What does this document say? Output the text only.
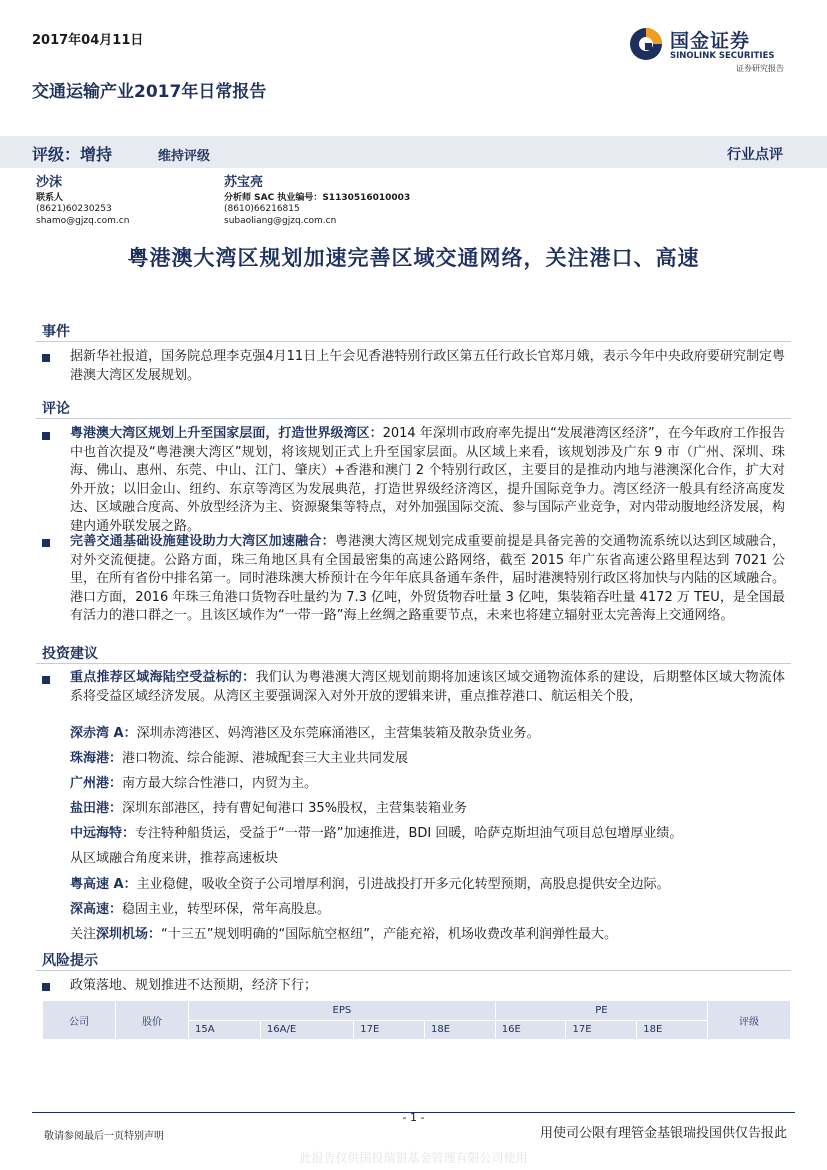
2017年04月11日
交通运输产业2017年日常报告
国金证券
SINOLINK SECURITIES
证券研究报告
评级：增持	维持评级	行业点评
沙沫
联系人
(8621)60230253
shamo@gjzq.com.cn
苏宝亮
分析师 SAC 执业编号：S1130516010003
(8610)66216815
subaoliang@gjzq.com.cn
粤港澳大湾区规划加速完善区域交通网络，关注港口、高速
事件
据新华社报道，国务院总理李克强4月11日上午会见香港特别行政区第五任行政长官郑月娥，表示今年中央政府要研究制定粤港澳大湾区发展规划。
评论
粤港澳大湾区规划上升至国家层面，打造世界级湾区：2014 年深圳市政府率先提出“发展港湾区经济”，在今年政府工作报告中也首次提及“粤港澳大湾区”规划，将该规划正式上升至国家层面。从区域上来看，该规划涉及广东 9 市（广州、深圳、珠海、佛山、惠州、东莞、中山、江门、肇庆）+香港和澳门 2 个特别行政区，主要目的是推动内地与港澳深化合作，扩大对外开放；以旧金山、纽约、东京等湾区为发展典范，打造世界级经济湾区，提升国际竞争力。湾区经济一般具有经济高度发达、区域融合度高、外放型经济为主、资源聚集等特点，对外加强国际交流、参与国际产业竞争，对内带动腹地经济发展，构建内通外联发展之路。
完善交通基础设施建设助力大湾区加速融合：粤港澳大湾区规划完成重要前提是具备完善的交通物流系统以达到区域融合，对外交流便捷。公路方面，珠三角地区具有全国最密集的高速公路网络，截至 2015 年广东省高速公路里程达到 7021 公里，在所有省份中排名第一。同时港珠澳大桥预计在今年年底具备通车条件，届时港澳特别行政区将加快与内陆的区域融合。港口方面，2016 年珠三角港口货物吞吐量约为 7.3 亿吨，外贸货物吞吐量 3 亿吨，集装箱吞吐量 4172 万 TEU，是全国最有活力的港口群之一。且该区域作为“一带一路”海上丝绸之路重要节点，未来也将建立辐射亚太完善海上交通网络。
投资建议
重点推荐区域海陆空受益标的：我们认为粤港澳大湾区规划前期将加速该区域交通物流体系的建设，后期整体区域大物流体系将受益区域经济发展。从湾区主要强调深入对外开放的逻辑来讲，重点推荐港口、航运相关个股，
深赤湾 A：深圳赤湾港区、妈湾港区及东莞麻涌港区，主营集装箱及散杂货业务。
珠海港：港口物流、综合能源、港城配套三大主业共同发展
广州港：南方最大综合性港口，内贸为主。
盐田港：深圳东部港区，持有曹妃甸港口 35%股权，主营集装箱业务
中远海特：专注特种船货运，受益于“一带一路”加速推进，BDI 回暖，哈萨克斯坦油气项目总包增厚业绩。
从区域融合角度来讲，推荐高速板块
粤高速 A：主业稳健，吸收全资子公司增厚利润，引进战投打开多元化转型预期，高股息提供安全边际。
深高速：稳固主业，转型环保，常年高股息。
关注深圳机场：“十三五”规划明确的“国际航空枢纽”，产能充裕，机场收费改革利润弹性最大。
风险提示
政策落地、规划推进不达预期，经济下行；
公司	股价	EPS				PE			评级
		15A	16A/E	17E	18E	16E	17E	18E	
- 1 -
敬请参阅最后一页特别声明	用使司公限有理管金基银瑞投国供仅告报此
此报告仅供国投瑞银基金管理有限公司使用
